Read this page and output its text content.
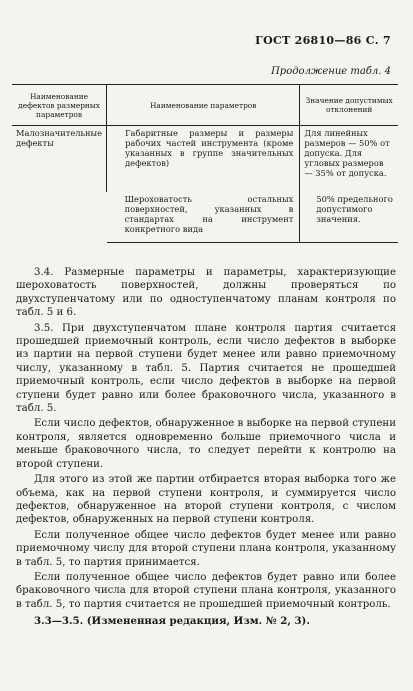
ГОСТ 26810—86 С. 7
Продолжение табл. 4
Наименование дефектов размерных параметров	Наименование параметров	Значение допустимых отклонений
Малозначительные дефекты	Габаритные размеры и размеры рабочих частей инструмента (кроме указанных в группе значительных дефектов)	Для линейных размеров — 50% от допуска. Для угловых размеров — 35% от допуска.
	Шероховатость остальных поверхностей, указанных в стандартах на инструмент конкретного вида	50% предельного допустимого значения.

3.4. Размерные параметры и параметры, характеризующие шероховатость поверхностей, должны проверяться по двухступенчатому или по одноступенчатому планам контроля по табл. 5 и 6.

3.5. При двухступенчатом плане контроля партия считается прошедшей приемочный контроль, если число дефектов в выборке из партии на первой ступени будет менее или равно приемочному числу, указанному в табл. 5. Партия считается не прошедшей приемочный контроль, если число дефектов в выборке на первой ступени будет равно или более браковочного числа, указанного в табл. 5.

Если число дефектов, обнаруженное в выборке на первой ступени контроля, является одновременно больше приемочного числа и меньше браковочного числа, то следует перейти к контролю на второй ступени.

Для этого из этой же партии отбирается вторая выборка того же объема, как на первой ступени контроля, и суммируется число дефектов, обнаруженное на второй ступени контроля, с числом дефектов, обнаруженных на первой ступени контроля.

Если полученное общее число дефектов будет менее или равно приемочному числу для второй ступени плана контроля, указанному в табл. 5, то партия принимается.

Если полученное общее число дефектов будет равно или более браковочного числа для второй ступени плана контроля, указанного в табл. 5, то партия считается не прошедшей приемочный контроль.

3.3—3.5. (Измененная редакция, Изм. № 2, 3).
